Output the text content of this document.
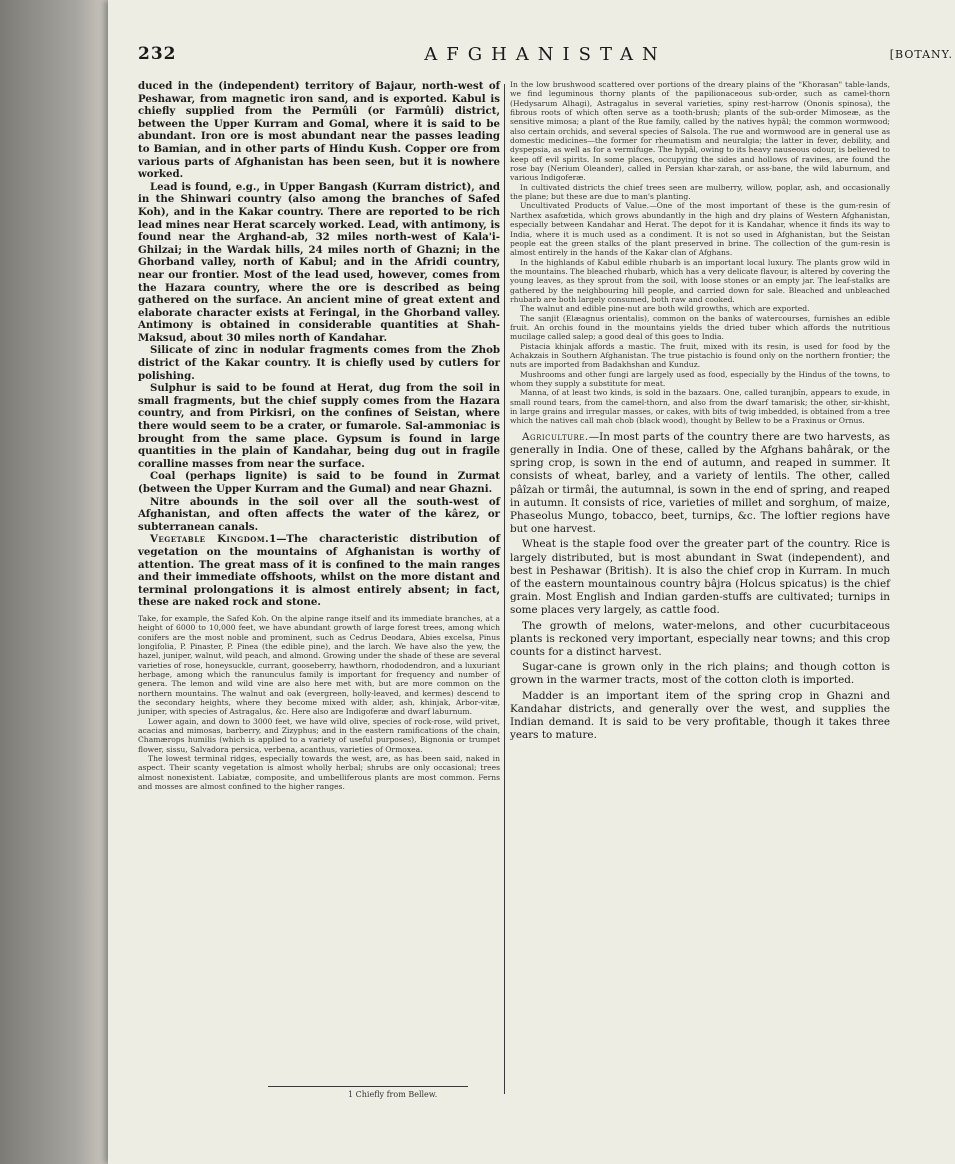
232	AFGHANISTAN	[BOTANY.

duced in the (independent) territory of Bajaur, north-west of Peshawar, from magnetic iron sand, and is exported. Kabul is chiefly supplied from the Permûli (or Farmûli) district, between the Upper Kurram and Gomal, where it is said to be abundant. Iron ore is most abundant near the passes leading to Bamian, and in other parts of Hindu Kush. Copper ore from various parts of Afghanistan has been seen, but it is nowhere worked.

Lead is found, e.g., in Upper Bangash (Kurram district), and in the Shinwari country (also among the branches of Safed Koh), and in the Kakar country. There are reported to be rich lead mines near Herat scarcely worked. Lead, with antimony, is found near the Arghand-ab, 32 miles north-west of Kala'i-Ghilzai; in the Wardak hills, 24 miles north of Ghazni; in the Ghorband valley, north of Kabul; and in the Afridi country, near our frontier. Most of the lead used, however, comes from the Hazara country, where the ore is described as being gathered on the surface. An ancient mine of great extent and elaborate character exists at Feringal, in the Ghorband valley. Antimony is obtained in considerable quantities at Shah-Maksud, about 30 miles north of Kandahar.

Silicate of zinc in nodular fragments comes from the Zhob district of the Kakar country. It is chiefly used by cutlers for polishing.

Sulphur is said to be found at Herat, dug from the soil in small fragments, but the chief supply comes from the Hazara country, and from Pirkisri, on the confines of Seistan, where there would seem to be a crater, or fumarole. Sal-ammoniac is brought from the same place. Gypsum is found in large quantities in the plain of Kandahar, being dug out in fragile coralline masses from near the surface.

Coal (perhaps lignite) is said to be found in Zurmat (between the Upper Kurram and the Gumal) and near Ghazni.

Nitre abounds in the soil over all the south-west of Afghanistan, and often affects the water of the kârez, or subterranean canals.

Vegetable Kingdom.1—The characteristic distribution of vegetation on the mountains of Afghanistan is worthy of attention. The great mass of it is confined to the main ranges and their immediate offshoots, whilst on the more distant and terminal prolongations it is almost entirely absent; in fact, these are naked rock and stone.

Take, for example, the Safed Koh. On the alpine range itself and its immediate branches, at a height of 6000 to 10,000 feet, we have abundant growth of large forest trees, among which conifers are the most noble and prominent, such as Cedrus Deodara, Abies excelsa, Pinus longifolia, P. Pinaster, P. Pinea (the edible pine), and the larch. We have also the yew, the hazel, juniper, walnut, wild peach, and almond. Growing under the shade of these are several varieties of rose, honeysuckle, currant, gooseberry, hawthorn, rhododendron, and a luxuriant herbage, among which the ranunculus family is important for frequency and number of genera. The lemon and wild vine are also here met with, but are more common on the northern mountains. The walnut and oak (evergreen, holly-leaved, and kermes) descend to the secondary heights, where they become mixed with alder, ash, khinjak, Arbor-vitæ, juniper, with species of Astragalus, &c. Here also are Indigoferæ and dwarf laburnum.

Lower again, and down to 3000 feet, we have wild olive, species of rock-rose, wild privet, acacias and mimosas, barberry, and Zizyphus; and in the eastern ramifications of the chain, Chamærops humilis (which is applied to a variety of useful purposes), Bignonia or trumpet flower, sissu, Salvadora persica, verbena, acanthus, varieties of Ormoxea.

The lowest terminal ridges, especially towards the west, are, as has been said, naked in aspect. Their scanty vegetation is almost wholly herbal; shrubs are only occasional; trees almost nonexistent. Labiatæ, composite, and umbelliferous plants are most common. Ferns and mosses are almost confined to the higher ranges.

In the low brushwood scattered over portions of the dreary plains of the "Khorasan" table-lands, we find leguminous thorny plants of the papilionaceous sub-order, such as camel-thorn (Hedysarum Alhagi), Astragalus in several varieties, spiny rest-harrow (Ononis spinosa), the fibrous roots of which often serve as a tooth-brush; plants of the sub-order Mimoseæ, as the sensitive mimosa; a plant of the Rue family, called by the natives hypâl; the common wormwood; also certain orchids, and several species of Salsola. The rue and wormwood are in general use as domestic medicines—the former for rheumatism and neuralgia; the latter in fever, debility, and dyspepsia, as well as for a vermifuge. The hypâl, owing to its heavy nauseous odour, is believed to keep off evil spirits. In some places, occupying the sides and hollows of ravines, are found the rose bay (Nerium Oleander), called in Persian khar-zarah, or ass-bane, the wild laburnum, and various Indigoferæ.

In cultivated districts the chief trees seen are mulberry, willow, poplar, ash, and occasionally the plane; but these are due to man's planting.

Uncultivated Products of Value.—One of the most important of these is the gum-resin of Narthex asafœtida, which grows abundantly in the high and dry plains of Western Afghanistan, especially between Kandahar and Herat. The depot for it is Kandahar, whence it finds its way to India, where it is much used as a condiment. It is not so used in Afghanistan, but the Seistan people eat the green stalks of the plant preserved in brine. The collection of the gum-resin is almost entirely in the hands of the Kakar clan of Afghans.

In the highlands of Kabul edible rhubarb is an important local luxury. The plants grow wild in the mountains. The bleached rhubarb, which has a very delicate flavour, is altered by covering the young leaves, as they sprout from the soil, with loose stones or an empty jar. The leaf-stalks are gathered by the neighbouring hill people, and carried down for sale. Bleached and unbleached rhubarb are both largely consumed, both raw and cooked.

The walnut and edible pine-nut are both wild growths, which are exported.

The sanjit (Elæagnus orientalis), common on the banks of watercourses, furnishes an edible fruit. An orchis found in the mountains yields the dried tuber which affords the nutritious mucilage called salep; a good deal of this goes to India.

Pistacia khinjak affords a mastic. The fruit, mixed with its resin, is used for food by the Achakzais in Southern Afghanistan. The true pistachio is found only on the northern frontier; the nuts are imported from Badakhshan and Kunduz.

Mushrooms and other fungi are largely used as food, especially by the Hindus of the towns, to whom they supply a substitute for meat.

Manna, of at least two kinds, is sold in the bazaars. One, called turanjbîn, appears to exude, in small round tears, from the camel-thorn, and also from the dwarf tamarisk; the other, sir-khisht, in large grains and irregular masses, or cakes, with bits of twig imbedded, is obtained from a tree which the natives call mah chob (black wood), thought by Bellew to be a Fraxinus or Ornus.

Agriculture.—In most parts of the country there are two harvests, as generally in India. One of these, called by the Afghans bahârak, or the spring crop, is sown in the end of autumn, and reaped in summer. It consists of wheat, barley, and a variety of lentils. The other, called pâîzah or tirmâi, the autumnal, is sown in the end of spring, and reaped in autumn. It consists of rice, varieties of millet and sorghum, of maize, Phaseolus Mungo, tobacco, beet, turnips, &c. The loftier regions have but one harvest.

Wheat is the staple food over the greater part of the country. Rice is largely distributed, but is most abundant in Swat (independent), and best in Peshawar (British). It is also the chief crop in Kurram. In much of the eastern mountainous country bâjra (Holcus spicatus) is the chief grain. Most English and Indian garden-stuffs are cultivated; turnips in some places very largely, as cattle food.

The growth of melons, water-melons, and other cucurbitaceous plants is reckoned very important, especially near towns; and this crop counts for a distinct harvest.

Sugar-cane is grown only in the rich plains; and though cotton is grown in the warmer tracts, most of the cotton cloth is imported.

Madder is an important item of the spring crop in Ghazni and Kandahar districts, and generally over the west, and supplies the Indian demand. It is said to be very profitable, though it takes three years to mature.

1 Chiefly from Bellew.
